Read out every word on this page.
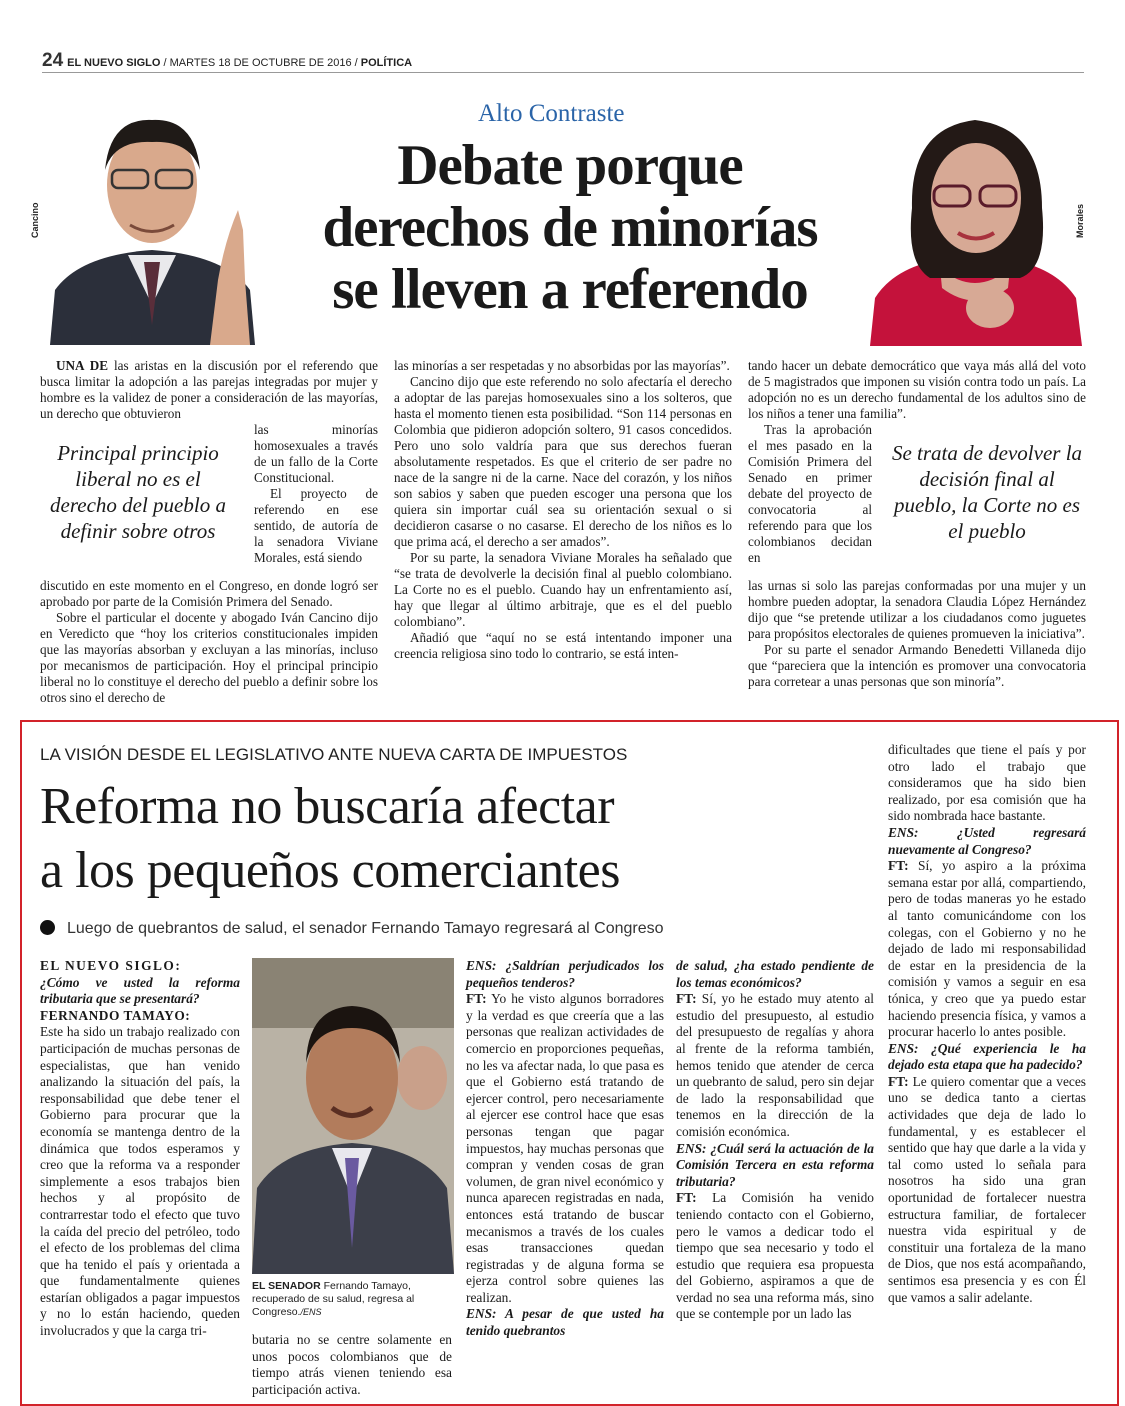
24 EL NUEVO SIGLO / MARTES 18 DE OCTUBRE DE 2016 / POLÍTICA
Cancino	Morales
Alto Contraste
Debate porque
derechos de minorías
se lleven a referendo

UNA DE las aristas en la discusión por el referendo que busca limitar la adopción a las parejas integradas por mujer y hombre es la validez de poner a consideración de las mayorías, un derecho que obtuvieron

Principal principio liberal no es el derecho del pueblo a definir sobre otros

las minorías homosexuales a través de un fallo de la Corte Constitucional.

El proyecto de referendo en ese sentido, de autoría de la senadora Viviane Morales, está siendo

discutido en este momento en el Congreso, en donde logró ser aprobado por parte de la Comisión Primera del Senado.

Sobre el particular el docente y abogado Iván Cancino dijo en Veredicto que “hoy los criterios constitucionales impiden que las mayorías absorban y excluyan a las minorías, incluso por mecanismos de participación. Hoy el principal principio liberal no lo constituye el derecho del pueblo a definir sobre los otros sino el derecho de

las minorías a ser respetadas y no absorbidas por las mayorías”.

Cancino dijo que este referendo no solo afectaría el derecho a adoptar de las parejas homosexuales sino a los solteros, que hasta el momento tienen esta posibilidad. “Son 114 personas en Colombia que pidieron adopción soltero, 91 casos concedidos. Pero uno solo valdría para que sus derechos fueran absolutamente respetados. Es que el criterio de ser padre no nace de la sangre ni de la carne. Nace del corazón, y los niños son sabios y saben que pueden escoger una persona que los quiera sin importar cuál sea su orientación sexual o si decidieron casarse o no casarse. El derecho de los niños es lo que prima acá, el derecho a ser amados”.

Por su parte, la senadora Viviane Morales ha señalado que “se trata de devolverle la decisión final al pueblo colombiano. La Corte no es el pueblo. Cuando hay un enfrentamiento así, hay que llegar al último arbitraje, que es el del pueblo colombiano”.

Añadió que “aquí no se está intentando imponer una creencia religiosa sino todo lo contrario, se está inten-

tando hacer un debate democrático que vaya más allá del voto de 5 magistrados que imponen su visión contra todo un país. La adopción no es un derecho fundamental de los adultos sino de los niños a tener una familia”.

Tras la aprobación el mes pasado en la Comisión Primera del Senado en primer debate del proyecto de convocatoria al referendo para que los colombianos decidan en

Se trata de devolver la decisión final al pueblo, la Corte no es el pueblo

las urnas si solo las parejas conformadas por una mujer y un hombre pueden adoptar, la senadora Claudia López Hernández dijo que “se pretende utilizar a los ciudadanos como juguetes para propósitos electorales de quienes promueven la iniciativa”.

Por su parte el senador Armando Benedetti Villaneda dijo que “pareciera que la intención es promover una convocatoria para corretear a unas personas que son minoría”.

LA VISIÓN DESDE EL LEGISLATIVO ANTE NUEVA CARTA DE IMPUESTOS
Reforma no buscaría afectar
a los pequeños comerciantes
Luego de quebrantos de salud, el senador Fernando Tamayo regresará al Congreso

EL NUEVO SIGLO:

¿Cómo ve usted la reforma tributaria que se presentará?

FERNANDO TAMAYO:

Este ha sido un trabajo realizado con participación de muchas personas de especialistas, que han venido analizando la situación del país, la responsabilidad que debe tener el Gobierno para procurar que la economía se mantenga dentro de la dinámica que todos esperamos y creo que la reforma va a responder simplemente a esos trabajos bien hechos y al propósito de contrarrestar todo el efecto que tuvo la caída del precio del petróleo, todo el efecto de los problemas del clima que ha tenido el país y orientada a que fundamentalmente quienes estarían obligados a pagar impuestos y no lo están haciendo, queden involucrados y que la carga tri-

EL SENADOR Fernando Tamayo, recuperado de su salud, regresa al Congreso./ENS

butaria no se centre solamente en unos pocos colombianos que de tiempo atrás vienen teniendo esa participación activa.

ENS: ¿Saldrían perjudicados los pequeños tenderos?

FT: Yo he visto algunos borradores y la verdad es que creería que a las personas que realizan actividades de comercio en proporciones pequeñas, no les va afectar nada, lo que pasa es que el Gobierno está tratando de ejercer control, pero necesariamente al ejercer ese control hace que esas personas tengan que pagar impuestos, hay muchas personas que compran y venden cosas de gran volumen, de gran nivel económico y nunca aparecen registradas en nada, entonces está tratando de buscar mecanismos a través de los cuales esas transacciones quedan registradas y de alguna forma se ejerza control sobre quienes las realizan.

ENS: A pesar de que usted ha tenido quebrantos

de salud, ¿ha estado pendiente de los temas económicos?

FT: Sí, yo he estado muy atento al estudio del presupuesto, al estudio del presupuesto de regalías y ahora al frente de la reforma también, hemos tenido que atender de cerca un quebranto de salud, pero sin dejar de lado la responsabilidad que tenemos en la dirección de la comisión económica.

ENS: ¿Cuál será la actuación de la Comisión Tercera en esta reforma tributaria?

FT: La Comisión ha venido teniendo contacto con el Gobierno, pero le vamos a dedicar todo el tiempo que sea necesario y todo el estudio que requiera esa propuesta del Gobierno, aspiramos a que de verdad no sea una reforma más, sino que se contemple por un lado las

dificultades que tiene el país y por otro lado el trabajo que consideramos que ha sido bien realizado, por esa comisión que ha sido nombrada hace bastante.

ENS: ¿Usted regresará nuevamente al Congreso?

FT: Sí, yo aspiro a la próxima semana estar por allá, compartiendo, pero de todas maneras yo he estado al tanto comunicándome con los colegas, con el Gobierno y no he dejado de lado mi responsabilidad de estar en la presidencia de la comisión y vamos a seguir en esa tónica, y creo que ya puedo estar haciendo presencia física, y vamos a procurar hacerlo lo antes posible.

ENS: ¿Qué experiencia le ha dejado esta etapa que ha padecido?

FT: Le quiero comentar que a veces uno se dedica tanto a ciertas actividades que deja de lado lo fundamental, y es establecer el sentido que hay que darle a la vida y tal como usted lo señala para nosotros ha sido una gran oportunidad de fortalecer nuestra estructura familiar, de fortalecer nuestra vida espiritual y de constituir una fortaleza de la mano de Dios, que nos está acompañando, sentimos esa presencia y es con Él que vamos a salir adelante.
